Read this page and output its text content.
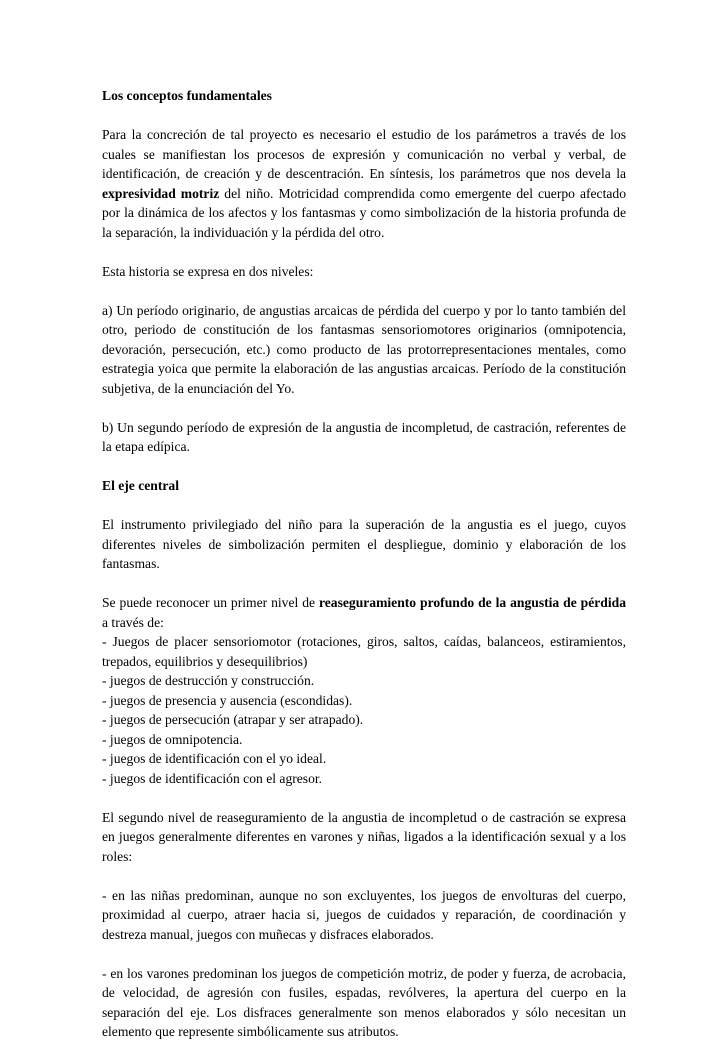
Los conceptos fundamentales

Para la concreción de tal proyecto es necesario el estudio de los parámetros a través de los cuales se manifiestan los procesos de expresión y comunicación no verbal y verbal, de identificación, de creación y de descentración. En síntesis, los parámetros que nos devela la expresividad motriz del niño. Motricidad comprendida como emergente del cuerpo afectado por la dinámica de los afectos y los fantasmas y como simbolización de la historia profunda de la separación, la individuación y la pérdida del otro.

Esta historia se expresa en dos niveles:

a) Un período originario, de angustias arcaicas de pérdida del cuerpo y por lo tanto también del otro, periodo de constitución de los fantasmas sensoriomotores originarios (omnipotencia, devoración, persecución, etc.) como producto de las protorrepresentaciones mentales, como estrategia yoica que permite la elaboración de las angustias arcaicas. Período de la constitución subjetiva, de la enunciación del Yo.

b) Un segundo período de expresión de la angustia de incompletud, de castración, referentes de la etapa edípica.

El eje central

El instrumento privilegiado del niño para la superación de la angustia es el juego, cuyos diferentes niveles de simbolización permiten el despliegue, dominio y elaboración de los fantasmas.

Se puede reconocer un primer nivel de reaseguramiento profundo de la angustia de pérdida a través de:

- Juegos de placer sensoriomotor (rotaciones, giros, saltos, caídas, balanceos, estiramientos, trepados, equilibrios y desequilibrios)
- juegos de destrucción y construcción.
- juegos de presencia y ausencia (escondidas).
- juegos de persecución (atrapar y ser atrapado).
- juegos de omnipotencia.
- juegos de identificación con el yo ideal.
- juegos de identificación con el agresor.

El segundo nivel de reaseguramiento de la angustia de incompletud o de castración se expresa en juegos generalmente diferentes en varones y niñas, ligados a la identificación sexual y a los roles:

- en las niñas predominan, aunque no son excluyentes, los juegos de envolturas del cuerpo, proximidad al cuerpo, atraer hacia si, juegos de cuidados y reparación, de coordinación y destreza manual, juegos con muñecas y disfraces elaborados.

- en los varones predominan los juegos de competición motriz, de poder y fuerza, de acrobacia, de velocidad, de agresión con fusiles, espadas, revólveres, la apertura del cuerpo en la separación del eje. Los disfraces generalmente son menos elaborados y sólo necesitan un elemento que represente simbólicamente sus atributos.
